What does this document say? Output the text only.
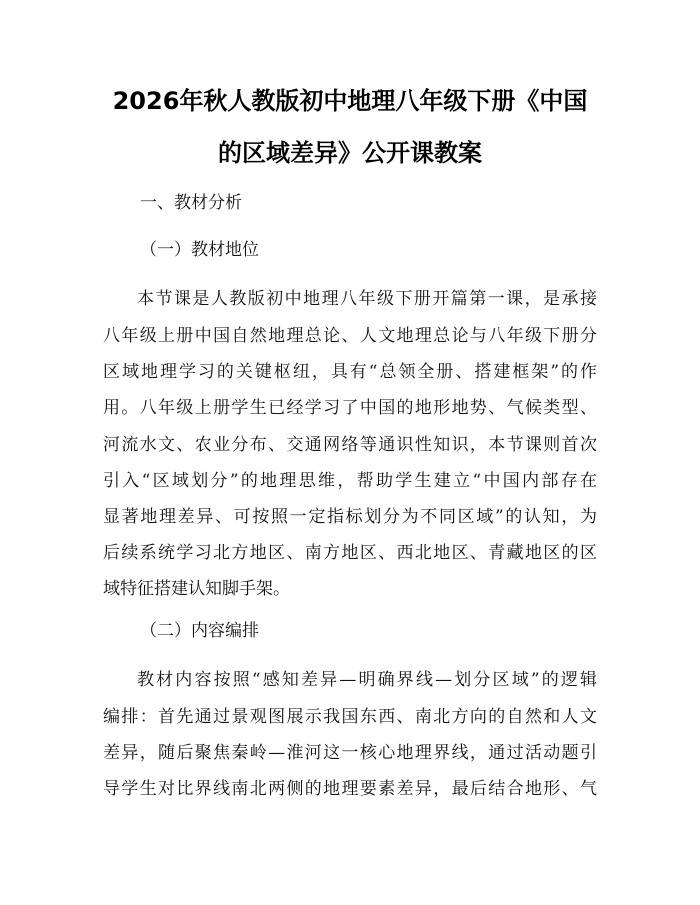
2026年秋人教版初中地理八年级下册《中国
的区域差异》公开课教案
一、教材分析
（一）教材地位
本节课是人教版初中地理八年级下册开篇第一课，是承接
八年级上册中国自然地理总论、人文地理总论与八年级下册分
区域地理学习的关键枢纽，具有“总领全册、搭建框架”的作
用。八年级上册学生已经学习了中国的地形地势、气候类型、
河流水文、农业分布、交通网络等通识性知识，本节课则首次
引入“区域划分”的地理思维，帮助学生建立“中国内部存在
显著地理差异、可按照一定指标划分为不同区域”的认知，为
后续系统学习北方地区、南方地区、西北地区、青藏地区的区
域特征搭建认知脚手架。
（二）内容编排
教材内容按照“感知差异—明确界线—划分区域”的逻辑
编排：首先通过景观图展示我国东西、南北方向的自然和人文
差异，随后聚焦秦岭—淮河这一核心地理界线，通过活动题引
导学生对比界线南北两侧的地理要素差异，最后结合地形、气
